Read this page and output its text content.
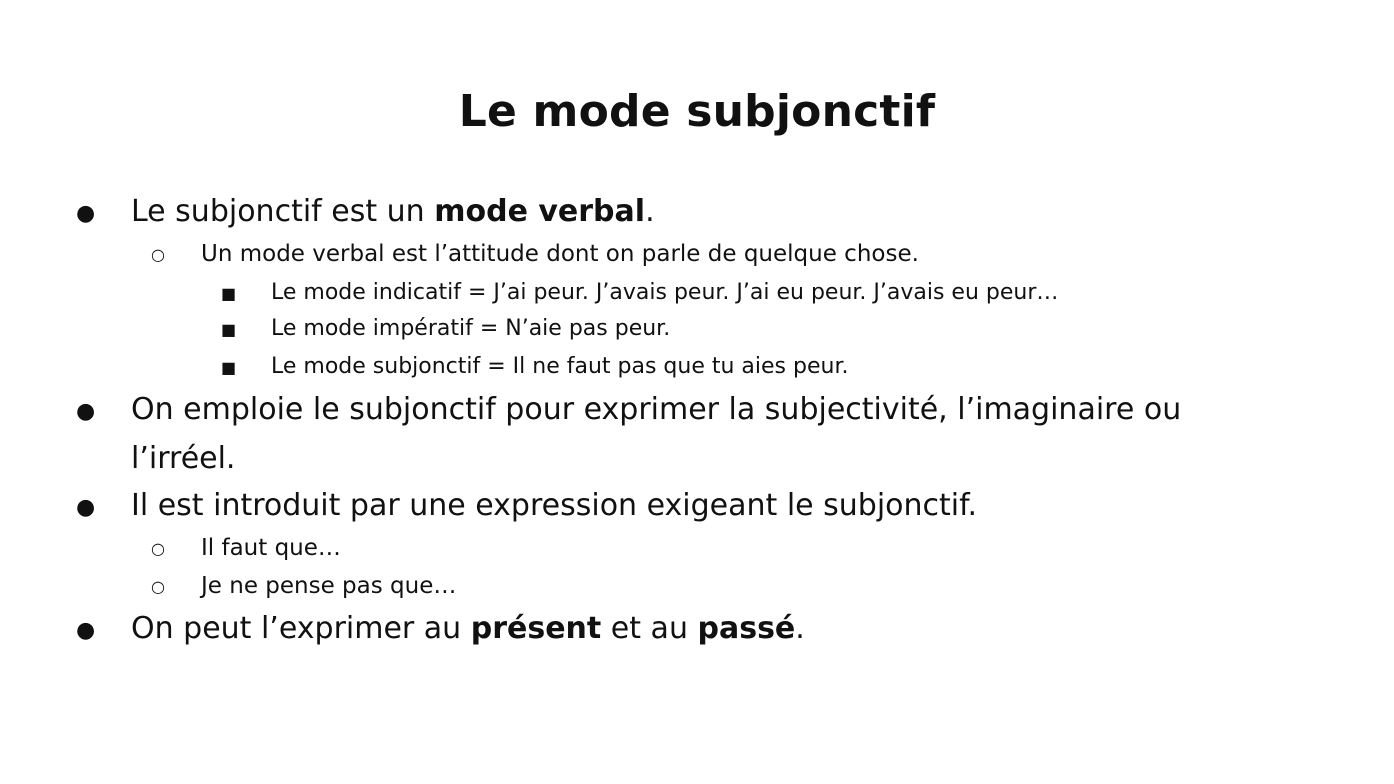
Le mode subjonctif
● Le subjonctif est un mode verbal.
○ Un mode verbal est l’attitude dont on parle de quelque chose.
■ Le mode indicatif = J’ai peur. J’avais peur. J’ai eu peur. J’avais eu peur…
■ Le mode impératif = N’aie pas peur.
■ Le mode subjonctif = Il ne faut pas que tu aies peur.
● On emploie le subjonctif pour exprimer la subjectivité, l’imaginaire ou
l’irréel.
● Il est introduit par une expression exigeant le subjonctif.
○ Il faut que…
○ Je ne pense pas que…
● On peut l’exprimer au présent et au passé.
